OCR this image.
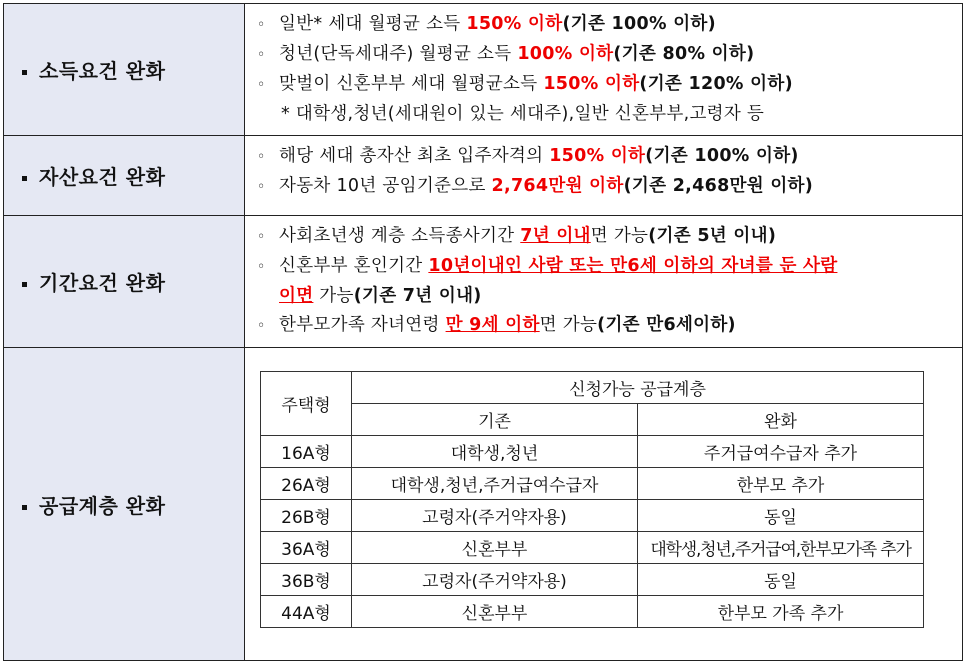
소득요건 완화	
◦ 일반* 세대 월평균 소득 150% 이하(기존 100% 이하)
◦ 청년(단독세대주) 월평균 소득 100% 이하(기존 80% 이하)
◦ 맞벌이 신혼부부 세대 월평균소득 150% 이하(기존 120% 이하)
* 대학생,청년(세대원이 있는 세대주),일반 신혼부부,고령자 등

자산요건 완화	
◦ 해당 세대 총자산 최초 입주자격의 150% 이하(기존 100% 이하)
◦ 자동차 10년 공임기준으로 2,764만원 이하(기존 2,468만원 이하)

기간요건 완화	
◦ 사회초년생 계층 소득종사기간 7년 이내면 가능(기존 5년 이내)
◦ 신혼부부 혼인기간 10년이내인 사람 또는 만6세 이하의 자녀를 둔 사람
이면 가능(기존 7년 이내)
◦ 한부모가족 자녀연령 만 9세 이하면 가능(기존 만6세이하)

공급계층 완화	
주택형	신청가능 공급계층
기존	완화
16A형	대학생,청년	주거급여수급자 추가
26A형	대학생,청년,주거급여수급자	한부모 추가
26B형	고령자(주거약자용)	동일
36A형	신혼부부	대학생,청년,주거급여,한부모가족 추가
36B형	고령자(주거약자용)	동일
44A형	신혼부부	한부모 가족 추가
